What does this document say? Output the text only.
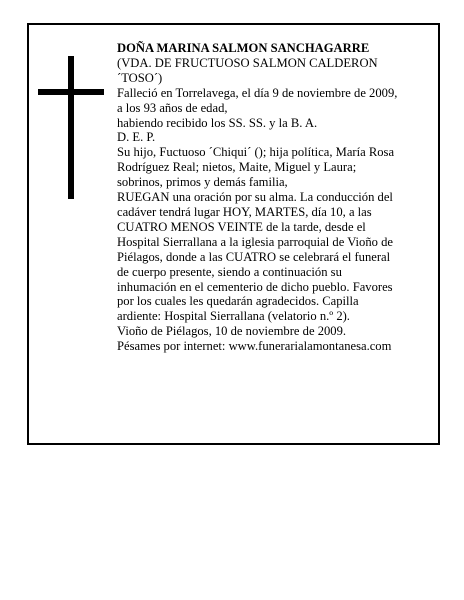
DOÑA MARINA SALMON SANCHAGARRE
(VDA. DE FRUCTUOSO SALMON CALDERON
´TOSO´)
Falleció en Torrelavega, el día 9 de noviembre de 2009,
a los 93 años de edad,
habiendo recibido los SS. SS. y la B. A.
D. E. P.
Su hijo, Fuctuoso ´Chiqui´ (); hija política, María Rosa
Rodríguez Real; nietos, Maite, Miguel y Laura;
sobrinos, primos y demás familia,
RUEGAN una oración por su alma. La conducción del
cadáver tendrá lugar HOY, MARTES, día 10, a las
CUATRO MENOS VEINTE de la tarde, desde el
Hospital Sierrallana a la iglesia parroquial de Vioño de
Piélagos, donde a las CUATRO se celebrará el funeral
de cuerpo presente, siendo a continuación su
inhumación en el cementerio de dicho pueblo. Favores
por los cuales les quedarán agradecidos. Capilla
ardiente: Hospital Sierrallana (velatorio n.º 2).
Vioño de Piélagos, 10 de noviembre de 2009.
Pésames por internet: www.funerarialamontanesa.com
